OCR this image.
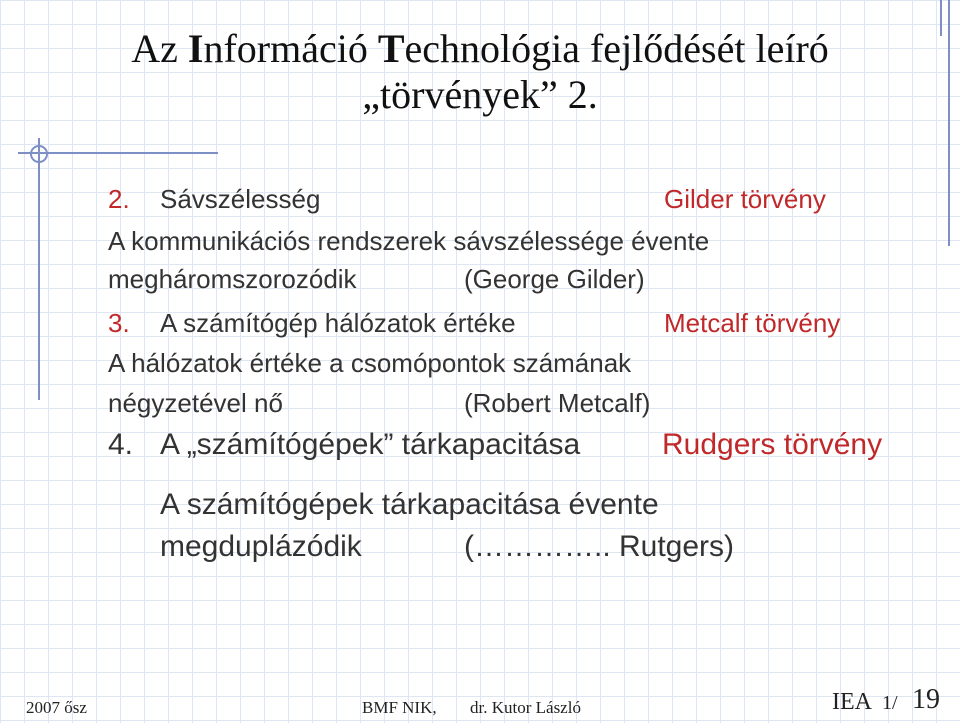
Az Információ Technológia fejlődését leíró
„törvények” 2.
2. Sávszélesség	Gilder törvény
A kommunikációs rendszerek sávszélessége évente
megháromszorozódik	(George Gilder)
3. A számítógép hálózatok értéke	Metcalf törvény
A hálózatok értéke a csomópontok számának
négyzetével nő	(Robert Metcalf)
4. A „számítógépek” tárkapacitása	Rudgers törvény
A számítógépek tárkapacitása évente
megduplázódik	(………….. Rutgers)
2007 ősz	BMF NIK, dr. Kutor László	IEA 1/ 19
